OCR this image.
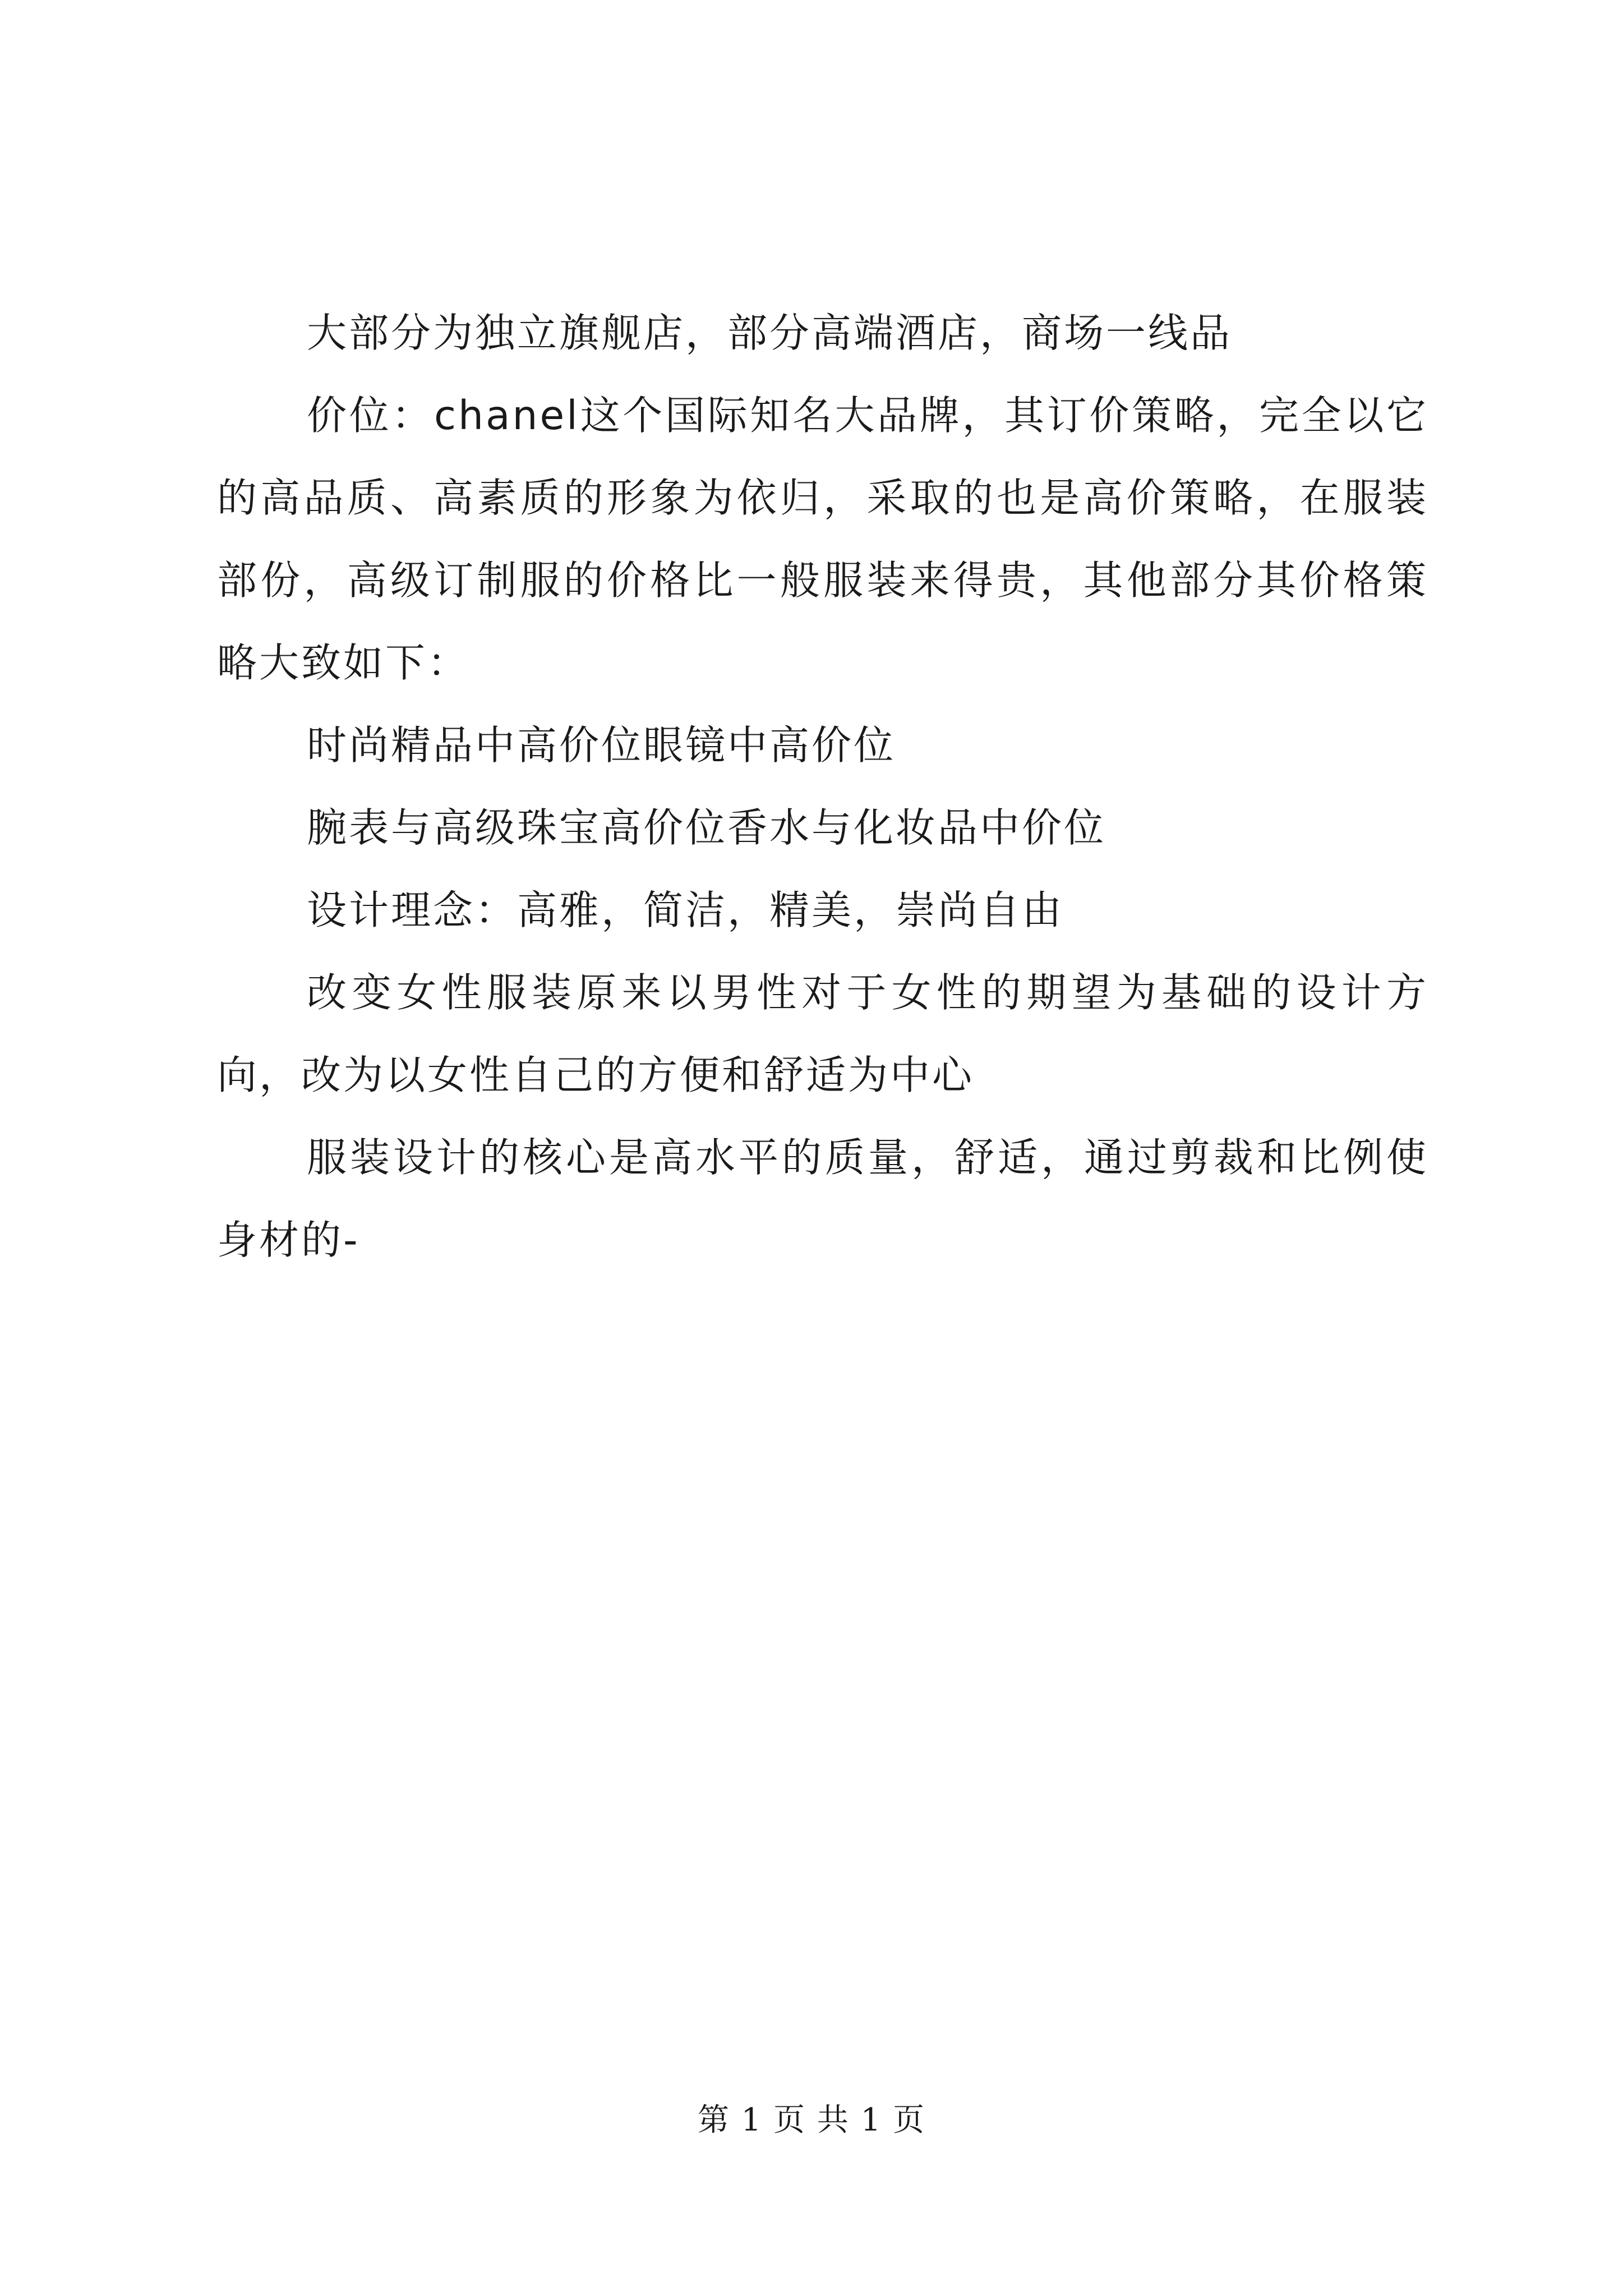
大部分为独立旗舰店，部分高端酒店，商场一线品

价位：chanel这个国际知名大品牌，其订价策略，完全以它的高品质、高素质的形象为依归，采取的也是高价策略，在服装部份，高级订制服的价格比一般服装来得贵，其他部分其价格策略大致如下：

时尚精品中高价位眼镜中高价位

腕表与高级珠宝高价位香水与化妆品中价位

设计理念：高雅，简洁，精美，崇尚自由

改变女性服装原来以男性对于女性的期望为基础的设计方向，改为以女性自己的方便和舒适为中心

服装设计的核心是高水平的质量，舒适，通过剪裁和比例使身材的-

第 1 页 共 1 页
